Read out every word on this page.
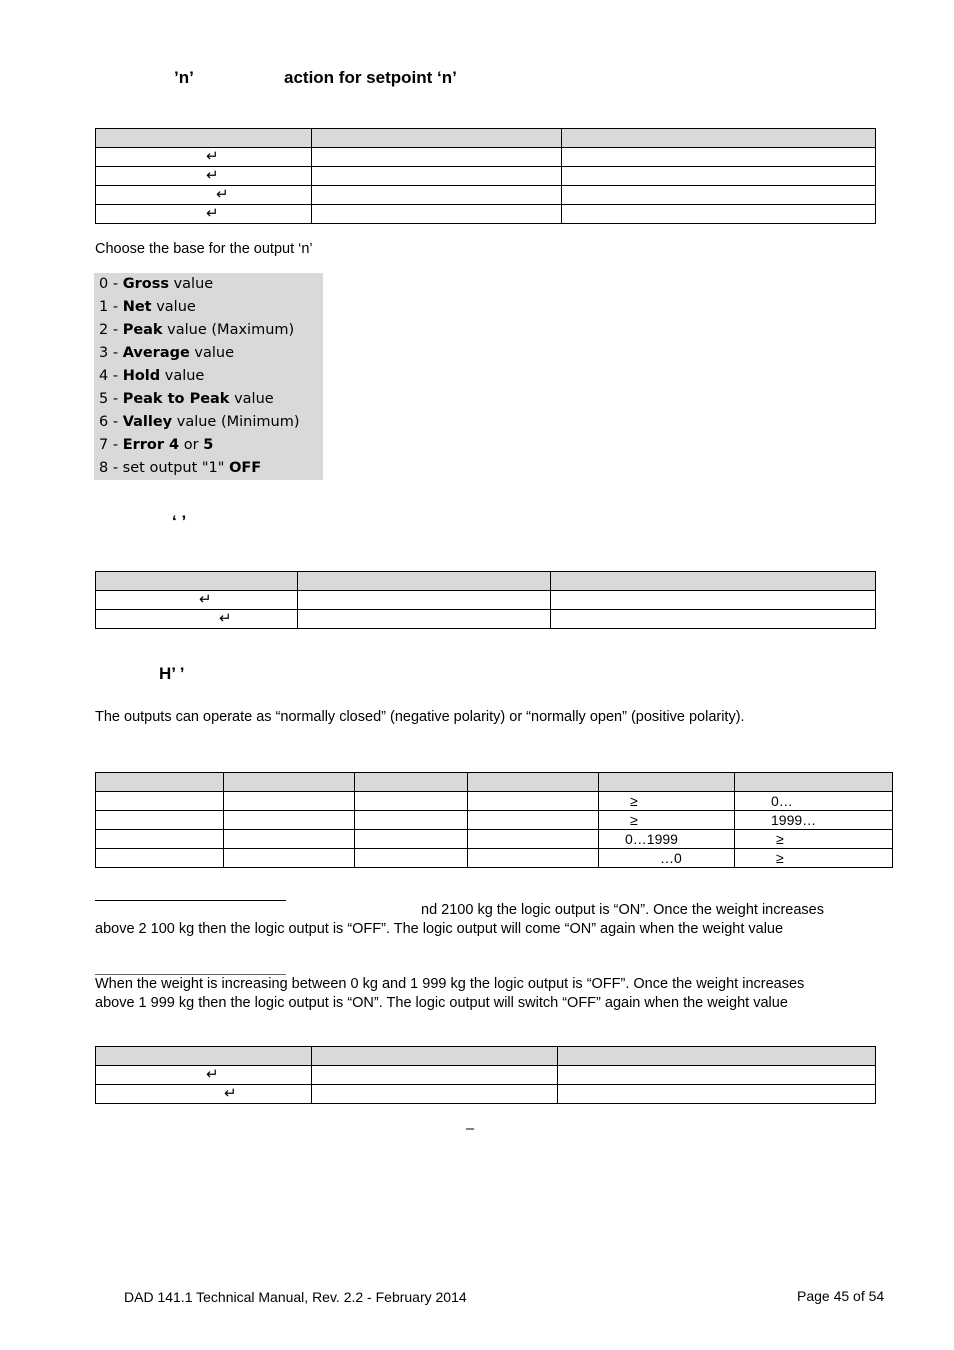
’n’	action for setpoint ‘n’

↵		

↵		

↵		

↵		

Choose the base for the output ‘n’
0 - Gross value
1 - Net value
2 - Peak value (Maximum)
3 - Average value
4 - Hold value
5 - Peak to Peak value
6 - Valley value (Minimum)
7 - Error 4 or 5
8 - set output "1" OFF
‘ ’

↵		

↵		

H’ ’
The outputs can operate as “normally closed” (negative polarity) or “normally open” (positive polarity).

				≥	0…

				≥	1999…

				0…1999	≥

				…0	≥
nd 2100 kg the logic output is “ON”. Once the weight increases
above 2 100 kg then the logic output is “OFF”. The logic output will come “ON” again when the weight value
When the weight is increasing between 0 kg and 1 999 kg the logic output is “OFF”. Once the weight increases
above 1 999 kg then the logic output is “ON”. The logic output will switch “OFF” again when the weight value

↵		

↵		

–
DAD 141.1 Technical Manual, Rev. 2.2 - February 2014	Page 45 of 54
